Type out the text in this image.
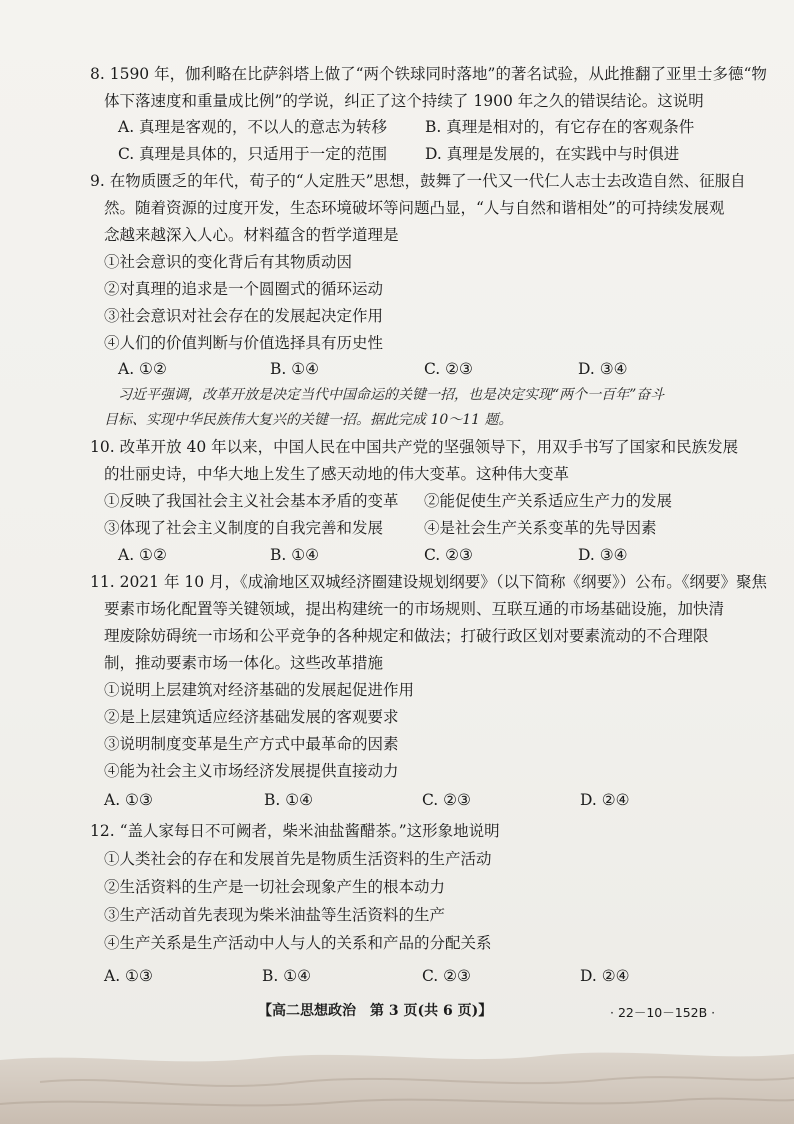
8. 1590 年，伽利略在比萨斜塔上做了“两个铁球同时落地”的著名试验，从此推翻了亚里士多德“物
体下落速度和重量成比例”的学说，纠正了这个持续了 1900 年之久的错误结论。这说明
A. 真理是客观的，不以人的意志为转移 B. 真理是相对的，有它存在的客观条件
C. 真理是具体的，只适用于一定的范围 D. 真理是发展的，在实践中与时俱进
9. 在物质匮乏的年代，荀子的“人定胜天”思想，鼓舞了一代又一代仁人志士去改造自然、征服自
然。随着资源的过度开发，生态环境破坏等问题凸显，“人与自然和谐相处”的可持续发展观
念越来越深入人心。材料蕴含的哲学道理是
①社会意识的变化背后有其物质动因
②对真理的追求是一个圆圈式的循环运动
③社会意识对社会存在的发展起决定作用
④人们的价值判断与价值选择具有历史性
A. ①②	B. ①④	C. ②③	D. ③④
习近平强调，改革开放是决定当代中国命运的关键一招，也是决定实现“两个一百年”奋斗
目标、实现中华民族伟大复兴的关键一招。据此完成 10～11 题。
10. 改革开放 40 年以来，中国人民在中国共产党的坚强领导下，用双手书写了国家和民族发展
的壮丽史诗，中华大地上发生了感天动地的伟大变革。这种伟大变革
①反映了我国社会主义社会基本矛盾的变革 ②能促使生产关系适应生产力的发展
③体现了社会主义制度的自我完善和发展	④是社会生产关系变革的先导因素
A. ①②	B. ①④	C. ②③	D. ③④
11. 2021 年 10 月，《成渝地区双城经济圈建设规划纲要》（以下简称《纲要》）公布。《纲要》聚焦
要素市场化配置等关键领域，提出构建统一的市场规则、互联互通的市场基础设施，加快清
理废除妨碍统一市场和公平竞争的各种规定和做法；打破行政区划对要素流动的不合理限
制，推动要素市场一体化。这些改革措施
①说明上层建筑对经济基础的发展起促进作用
②是上层建筑适应经济基础发展的客观要求
③说明制度变革是生产方式中最革命的因素
④能为社会主义市场经济发展提供直接动力
A. ①③	B. ①④	C. ②③	D. ②④
12. “盖人家每日不可阙者，柴米油盐酱醋茶。”这形象地说明
①人类社会的存在和发展首先是物质生活资料的生产活动
②生活资料的生产是一切社会现象产生的根本动力
③生产活动首先表现为柴米油盐等生活资料的生产
④生产关系是生产活动中人与人的关系和产品的分配关系
A. ①③	B. ①④	C. ②③	D. ②④
【高二思想政治　第 3 页(共 6 页)】	· 22－10－152B ·
